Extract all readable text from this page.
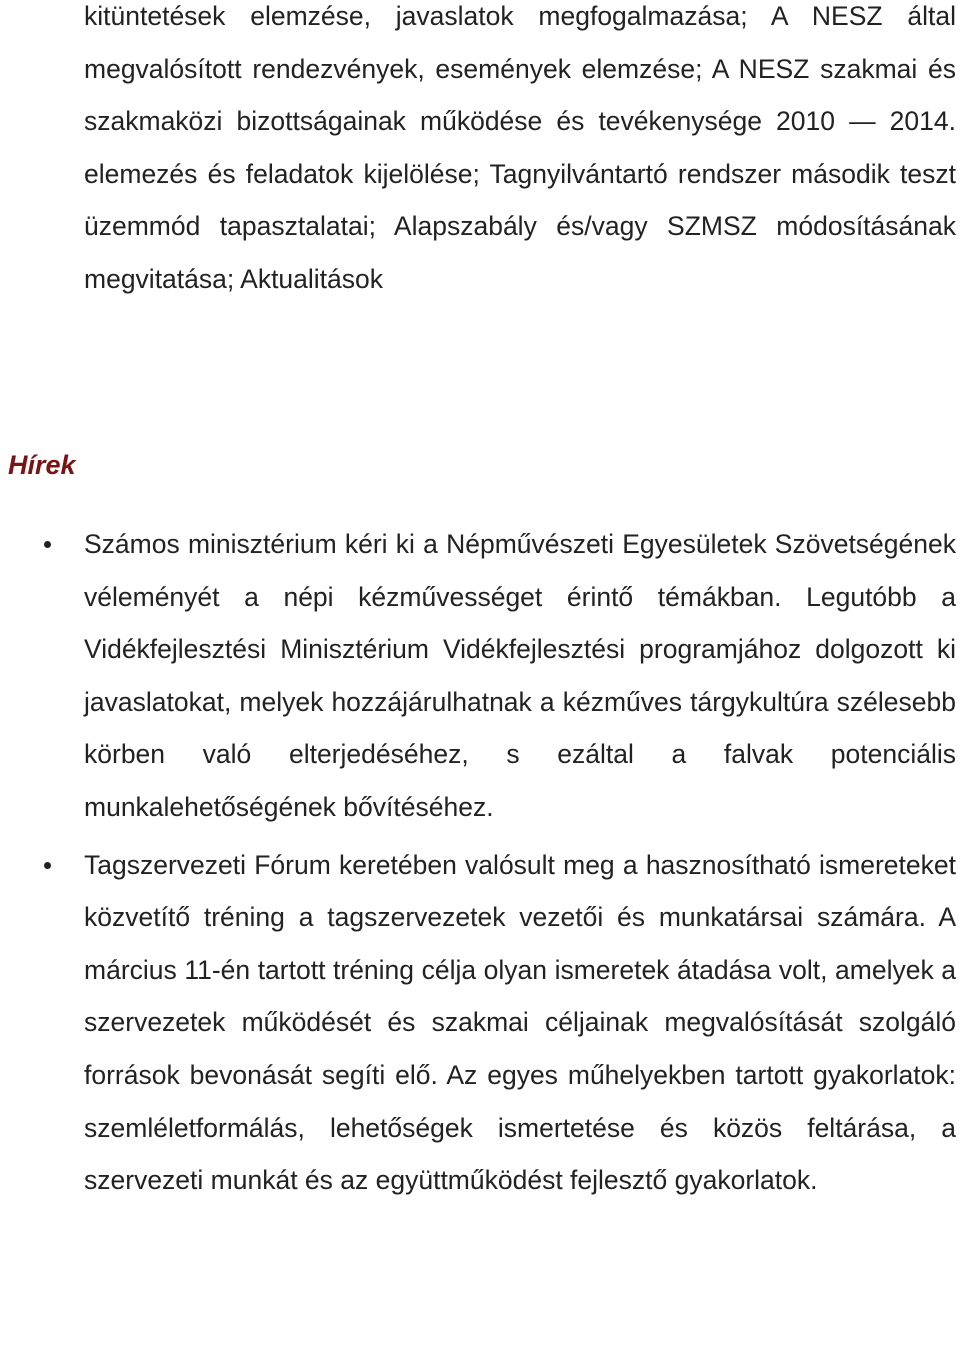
kitüntetések elemzése, javaslatok megfogalmazása; A NESZ által megvalósított rendezvények, események elemzése; A NESZ szakmai és szakmaközi bizottságainak működése és tevékenysége 2010 — 2014. elemezés és feladatok kijelölése; Tagnyilvántartó rendszer második teszt üzemmód tapasztalatai; Alapszabály és/vagy SZMSZ módosításának megvitatása; Aktualitások

Hírek
Számos minisztérium kéri ki a Népművészeti Egyesületek Szövetségének véleményét a népi kézművességet érintő témákban. Legutóbb a Vidékfejlesztési Minisztérium Vidékfejlesztési programjához dolgozott ki javaslatokat, melyek hozzájárulhatnak a kézműves tárgykultúra szélesebb körben való elterjedéséhez, s ezáltal a falvak potenciális munkalehetőségének bővítéséhez.
Tagszervezeti Fórum keretében valósult meg a hasznosítható ismereteket közvetítő tréning a tagszervezetek vezetői és munkatársai számára. A március 11-én tartott tréning célja olyan ismeretek átadása volt, amelyek a szervezetek működését és szakmai céljainak megvalósítását szolgáló források bevonását segíti elő. Az egyes műhelyekben tartott gyakorlatok: szemléletformálás, lehetőségek ismertetése és közös feltárása, a szervezeti munkát és az együttműködést fejlesztő gyakorlatok.
